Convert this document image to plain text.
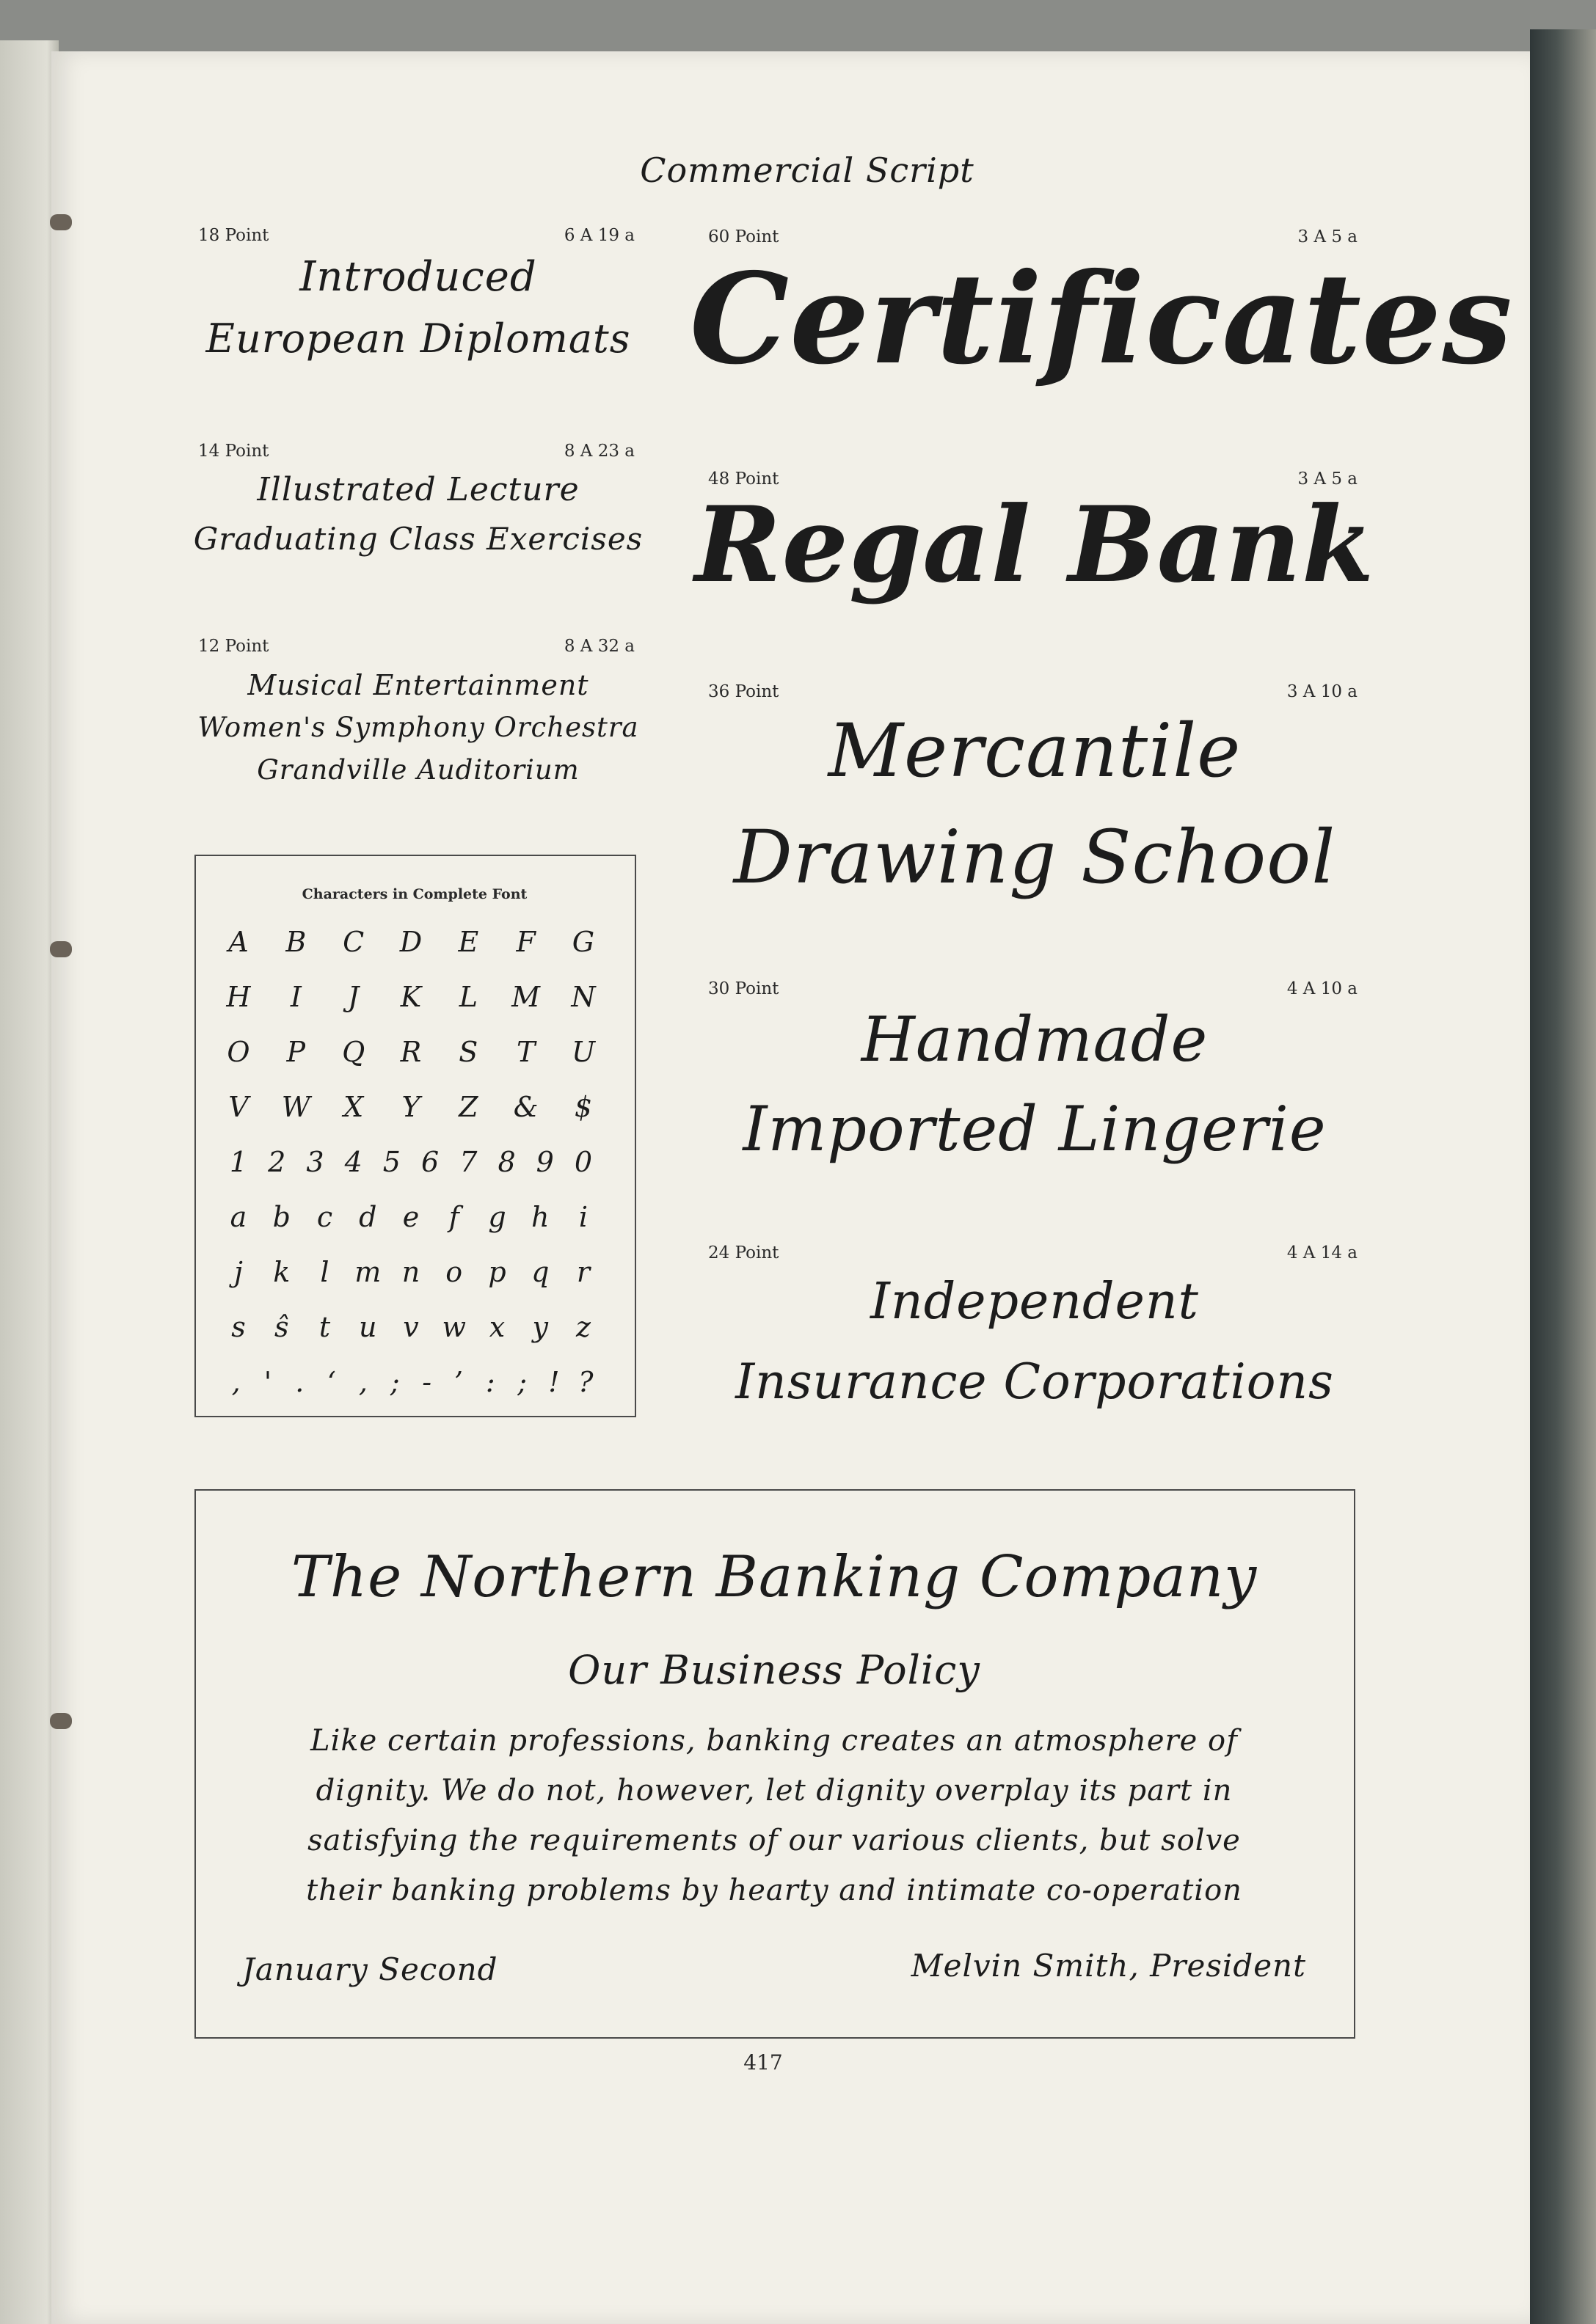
Commercial Script
18 Point	6 A 19 a
Introduced
European Diplomats
14 Point	8 A 23 a
Illustrated Lecture
Graduating Class Exercises
12 Point	8 A 32 a
Musical Entertainment
Women's Symphony Orchestra
Grandville Auditorium
Characters in Complete Font
A B C D E	F	G
H	I	J	K	L	M N
O	P	Q R	S	T	U
V W	X	Y	Z	&	$
1 2 3 4 5 6 7 8 9 0
a b c d e	f	g h	i
j	k	l m n o p q r
s	ŝ	t	u v w x y	z
, ' . ‘ , ; - ’ : ; ! ?
60 Point	3 A 5 a
Certificates
48 Point	3 A 5 a
Regal Bank
36 Point	3 A 10 a
Mercantile
Drawing School
30 Point	4 A 10 a
Handmade
Imported Lingerie
24 Point	4 A 14 a
Independent
Insurance Corporations
The Northern Banking Company
Our Business Policy
Like certain professions, banking creates an atmosphere of
dignity. We do not, however, let dignity overplay its part in
satisfying the requirements of our various clients, but solve
their banking problems by hearty and intimate co-operation
January Second	Melvin Smith, President
417
